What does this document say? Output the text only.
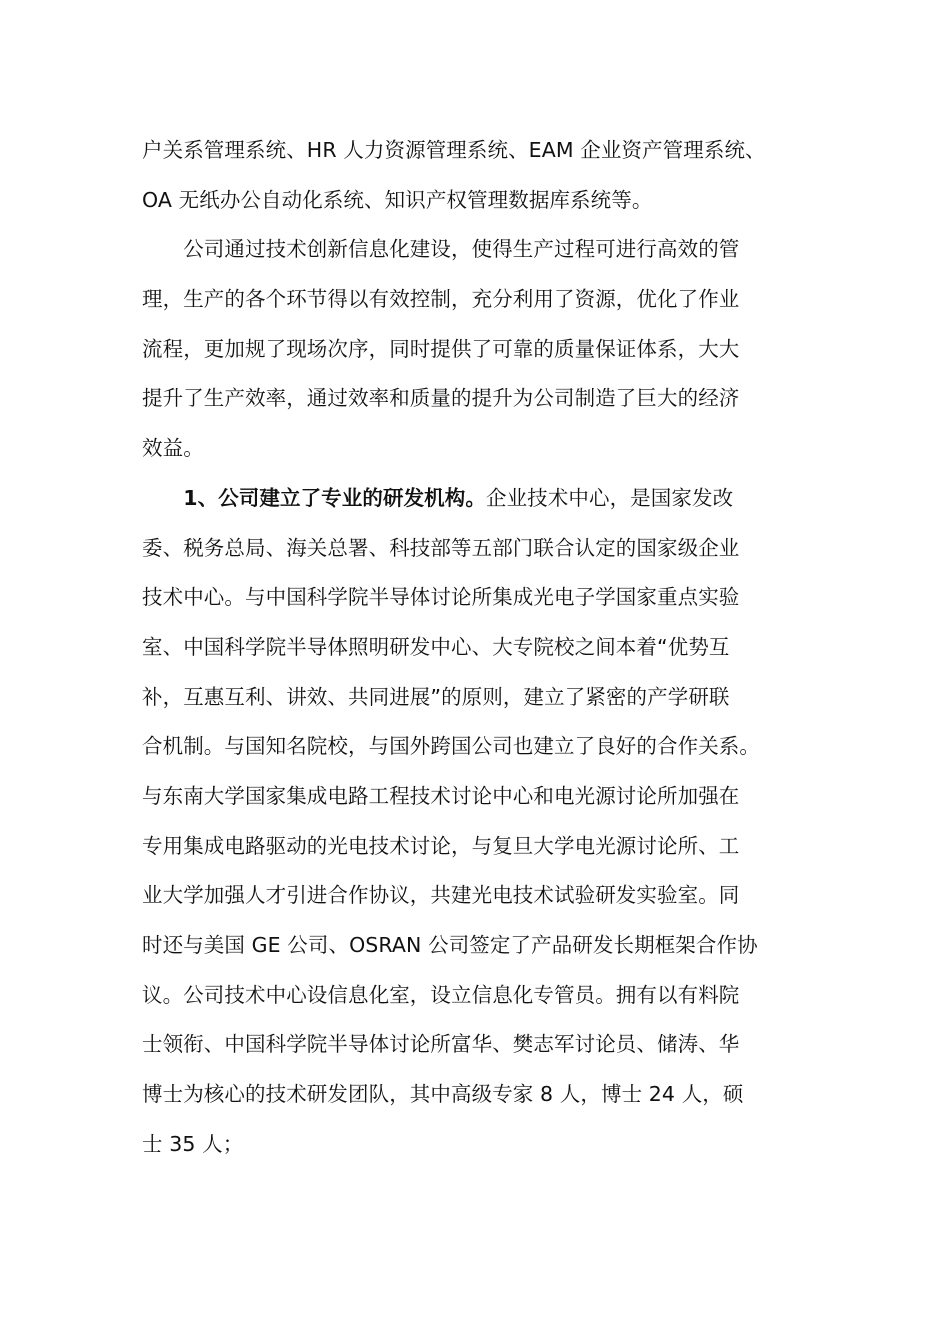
户关系管理系统、HR 人力资源管理系统、EAM 企业资产管理系统、
OA 无纸办公自动化系统、知识产权管理数据库系统等。
　　公司通过技术创新信息化建设，使得生产过程可进行高效的管
理，生产的各个环节得以有效控制，充分利用了资源，优化了作业
流程，更加规了现场次序，同时提供了可靠的质量保证体系，大大
提升了生产效率，通过效率和质量的提升为公司制造了巨大的经济
效益。
　　1、公司建立了专业的研发机构。企业技术中心，是国家发改
委、税务总局、海关总署、科技部等五部门联合认定的国家级企业
技术中心。与中国科学院半导体讨论所集成光电子学国家重点实验
室、中国科学院半导体照明研发中心、大专院校之间本着“优势互
补，互惠互利、讲效、共同进展”的原则，建立了紧密的产学研联
合机制。与国知名院校，与国外跨国公司也建立了良好的合作关系。
与东南大学国家集成电路工程技术讨论中心和电光源讨论所加强在
专用集成电路驱动的光电技术讨论，与复旦大学电光源讨论所、工
业大学加强人才引进合作协议，共建光电技术试验研发实验室。同
时还与美国 GE 公司、OSRAN 公司签定了产品研发长期框架合作协
议。公司技术中心设信息化室，设立信息化专管员。拥有以有料院
士领衔、中国科学院半导体讨论所富华、樊志军讨论员、储涛、华
博士为核心的技术研发团队，其中高级专家 8 人，博士 24 人，硕
士 35 人；
